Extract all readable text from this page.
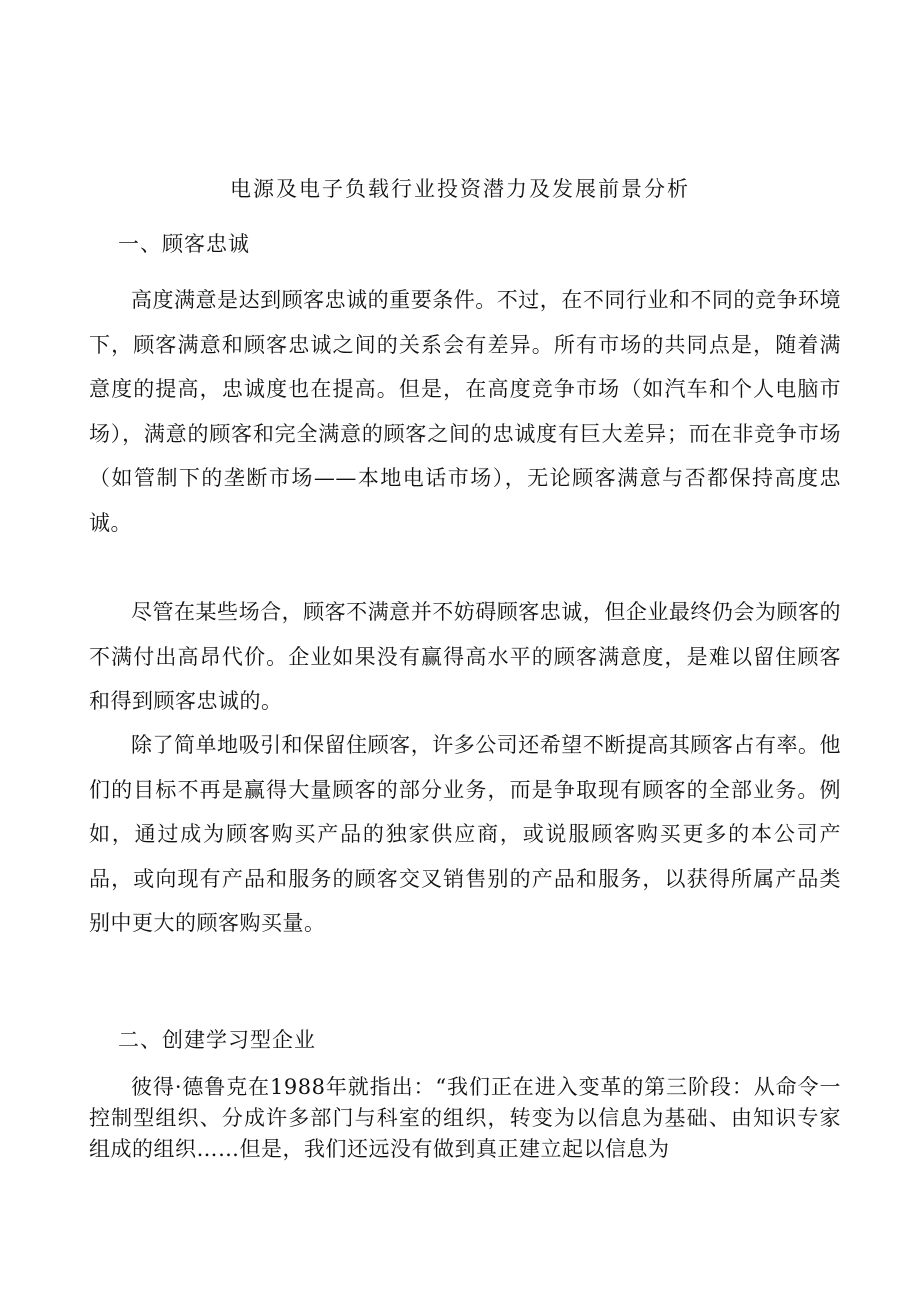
电源及电子负载行业投资潜力及发展前景分析
一、顾客忠诚
高度满意是达到顾客忠诚的重要条件。不过，在不同行业和不同的竞争环境下，顾客满意和顾客忠诚之间的关系会有差异。所有市场的共同点是，随着满意度的提高，忠诚度也在提高。但是，在高度竞争市场（如汽车和个人电脑市场），满意的顾客和完全满意的顾客之间的忠诚度有巨大差异；而在非竞争市场（如管制下的垄断市场——本地电话市场），无论顾客满意与否都保持高度忠诚。
尽管在某些场合，顾客不满意并不妨碍顾客忠诚，但企业最终仍会为顾客的不满付出高昂代价。企业如果没有赢得高水平的顾客满意度，是难以留住顾客和得到顾客忠诚的。
除了简单地吸引和保留住顾客，许多公司还希望不断提高其顾客占有率。他们的目标不再是赢得大量顾客的部分业务，而是争取现有顾客的全部业务。例如，通过成为顾客购买产品的独家供应商，或说服顾客购买更多的本公司产品，或向现有产品和服务的顾客交叉销售别的产品和服务，以获得所属产品类别中更大的顾客购买量。
二、创建学习型企业
彼得·德鲁克在1988年就指出：“我们正在进入变革的第三阶段：从命令一控制型组织、分成许多部门与科室的组织，转变为以信息为基础、由知识专家组成的组织……但是，我们还远没有做到真正建立起以信息为
